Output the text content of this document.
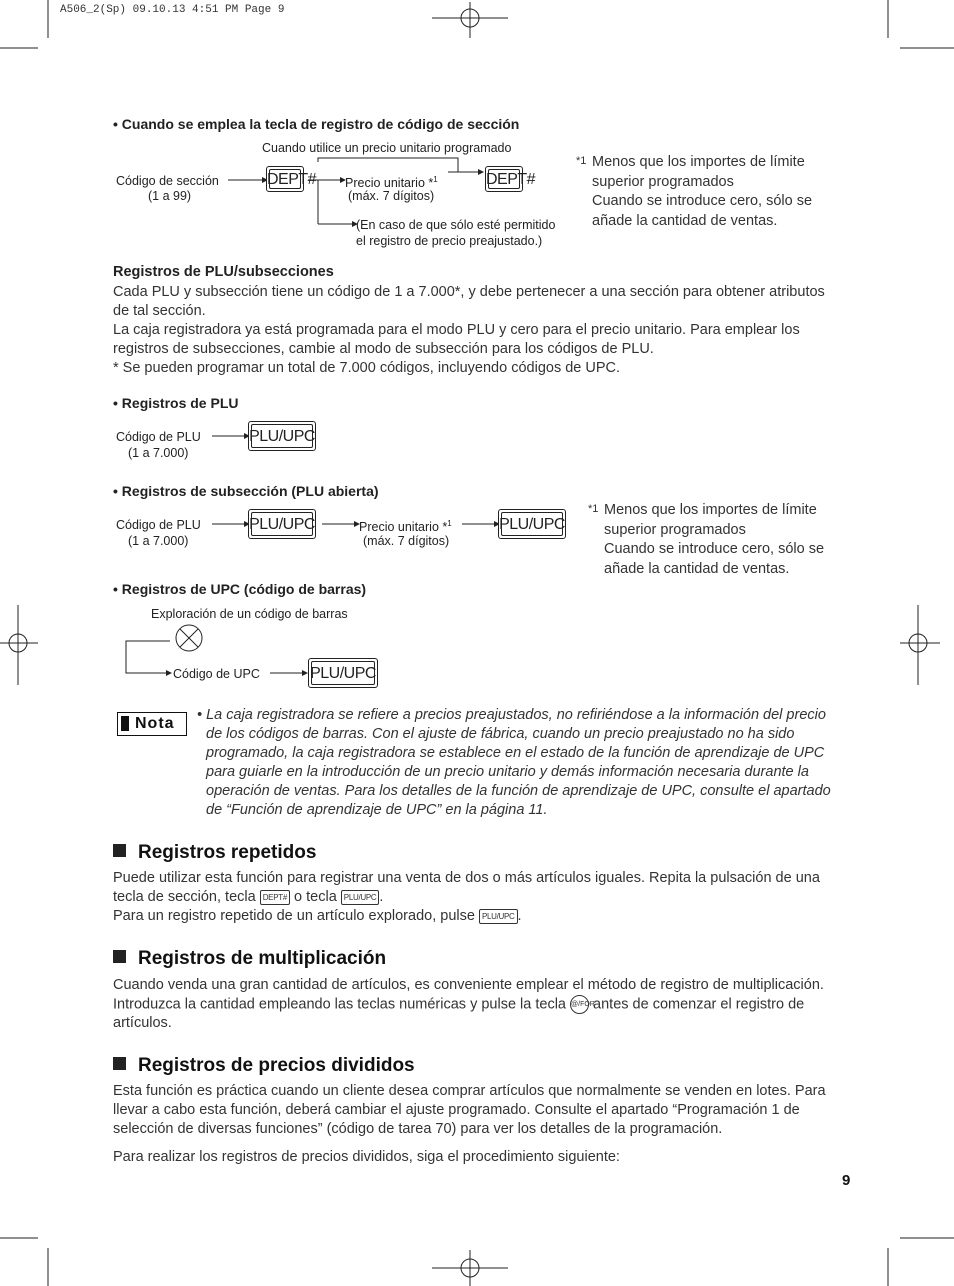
A506_2(Sp) 09.10.13 4:51 PM Page 9
• Cuando se emplea la tecla de registro de código de sección
Cuando utilice un precio unitario programado
Código de sección
(1 a 99)
DEPT# Precio unitario *$^1$
(máx. 7 dígitos)
DEPT#
(En caso de que sólo esté permitido
el registro de precio preajustado.)
$^{*1}$ Menos que los importes de límite
superior programados
Cuando se introduce cero, sólo se
añade la cantidad de ventas.
Registros de PLU/subsecciones
Cada PLU y subsección tiene un código de 1 a 7.000*, y debe pertenecer a una sección para obtener atributos
de tal sección.
La caja registradora ya está programada para el modo PLU y cero para el precio unitario. Para emplear los
registros de subsecciones, cambie al modo de subsección para los códigos de PLU.
* Se pueden programar un total de 7.000 códigos, incluyendo códigos de UPC.
• Registros de PLU
Código de PLU
(1 a 7.000)
PLU/UPC
• Registros de subsección (PLU abierta)
Código de PLU
(1 a 7.000)
PLU/UPC	Precio unitario *$^1$
(máx. 7 dígitos)
PLU/UPC
$^{*1}$ Menos que los importes de límite
superior programados
Cuando se introduce cero, sólo se
añade la cantidad de ventas.
• Registros de UPC (código de barras)
Exploración de un código de barras
Código de UPC	PLU/UPC
Nota • La caja registradora se refiere a precios preajustados, no refiriéndose a la información del precio
de los códigos de barras. Con el ajuste de fábrica, cuando un precio preajustado no ha sido
programado, la caja registradora se establece en el estado de la función de aprendizaje de UPC
para guiarle en la introducción de un precio unitario y demás información necesaria durante la
operación de ventas. Para los detalles de la función de aprendizaje de UPC, consulte el apartado
de “Función de aprendizaje de UPC” en la página 11.
Registros repetidos
Puede utilizar esta función para registrar una venta de dos o más artículos iguales. Repita la pulsación de una
tecla de sección, tecla DEPT# o tecla PLU/UPC .
Para un registro repetido de un artículo explorado, pulse PLU/UPC .
Registros de multiplicación
Cuando venda una gran cantidad de artículos, es conveniente emplear el método de registro de multiplicación.
Introduzca la cantidad empleando las teclas numéricas y pulse la tecla @/FOR antes de comenzar el registro de
artículos.
Registros de precios divididos
Esta función es práctica cuando un cliente desea comprar artículos que normalmente se venden en lotes. Para
llevar a cabo esta función, deberá cambiar el ajuste programado. Consulte el apartado “Programación 1 de
selección de diversas funciones” (código de tarea 70) para ver los detalles de la programación.
Para realizar los registros de precios divididos, siga el procedimiento siguiente:
9
